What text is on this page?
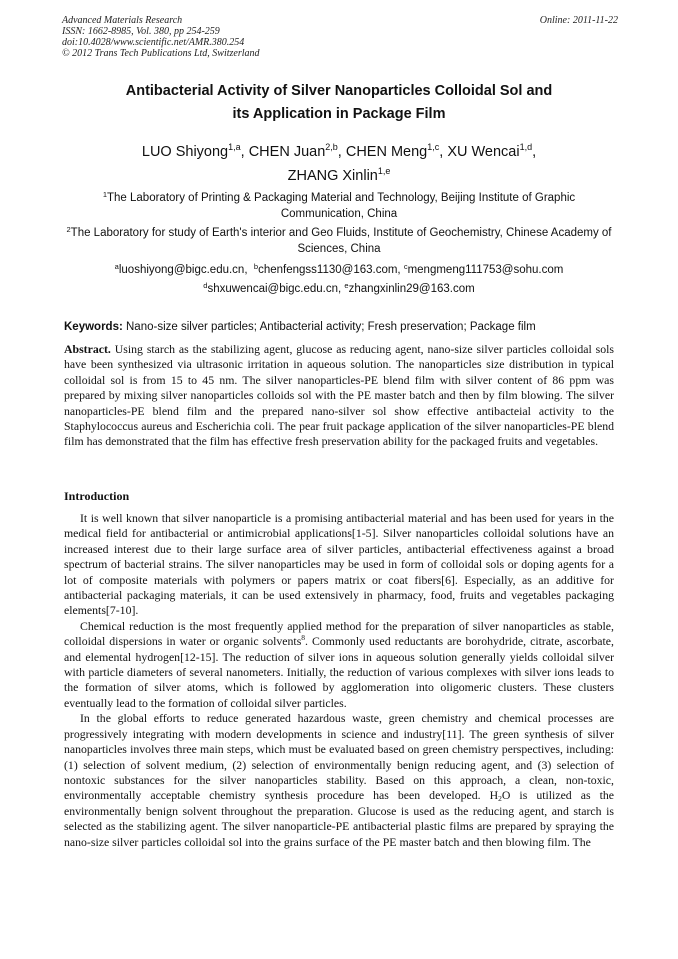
Advanced Materials Research
ISSN: 1662-8985, Vol. 380, pp 254-259
doi:10.4028/www.scientific.net/AMR.380.254
© 2012 Trans Tech Publications Ltd, Switzerland
Online: 2011-11-22
Antibacterial Activity of Silver Nanoparticles Colloidal Sol and
its Application in Package Film
LUO Shiyong$^{1,a}$, CHEN Juan$^{2,b}$, CHEN Meng$^{1,c}$, XU Wencai$^{1,d}$,
ZHANG Xinlin$^{1,e}$
$^1$The Laboratory of Printing & Packaging Material and Technology, Beijing Institute of Graphic Communication, China
$^2$The Laboratory for study of Earth's interior and Geo Fluids, Institute of Geochemistry, Chinese Academy of Sciences, China
$^a$luoshiyong@bigc.edu.cn, $^b$chenfengss1130@163.com, $^c$mengmeng111753@sohu.com
$^d$shxuwencai@bigc.edu.cn, $^e$zhangxinlin29@163.com
Keywords: Nano-size silver particles; Antibacterial activity; Fresh preservation; Package film
Abstract. Using starch as the stabilizing agent, glucose as reducing agent, nano-size silver particles colloidal sols have been synthesized via ultrasonic irritation in aqueous solution. The nanoparticles size distribution in typical colloidal sol is from 15 to 45 nm. The silver nanoparticles-PE blend film with silver content of 86 ppm was prepared by mixing silver nanoparticles colloids sol with the PE master batch and then by film blowing. The silver nanoparticles-PE blend film and the prepared nano-silver sol show effective antibacteial activity to the Staphylococcus aureus and Escherichia coli. The pear fruit package application of the silver nanoparticles-PE blend film has demonstrated that the film has effective fresh preservation ability for the packaged fruits and vegetables.
Introduction

It is well known that silver nanoparticle is a promising antibacterial material and has been used for years in the medical field for antibacterial or antimicrobial applications[1-5]. Silver nanoparticles colloidal solutions have an increased interest due to their large surface area of silver particles, antibacterial effectiveness against a broad spectrum of bacterial strains. The silver nanoparticles may be used in form of colloidal sols or doping agents for a lot of composite materials with polymers or papers matrix or coat fibers[6]. Especially, as an additive for antibacterial packaging materials, it can be used extensively in pharmacy, food, fruits and vegetables packaging elements[7-10].

Chemical reduction is the most frequently applied method for the preparation of silver nanoparticles as stable, colloidal dispersions in water or organic solvents$^8$. Commonly used reductants are borohydride, citrate, ascorbate, and elemental hydrogen[12-15]. The reduction of silver ions in aqueous solution generally yields colloidal silver with particle diameters of several nanometers. Initially, the reduction of various complexes with silver ions leads to the formation of silver atoms, which is followed by agglomeration into oligomeric clusters. These clusters eventually lead to the formation of colloidal silver particles.

In the global efforts to reduce generated hazardous waste, green chemistry and chemical processes are progressively integrating with modern developments in science and industry[11]. The green synthesis of silver nanoparticles involves three main steps, which must be evaluated based on green chemistry perspectives, including: (1) selection of solvent medium, (2) selection of environmentally benign reducing agent, and (3) selection of nontoxic substances for the silver nanoparticles stability. Based on this approach, a clean, non-toxic, environmentally acceptable chemistry synthesis procedure has been developed. $H_2O$ is utilized as the environmentally benign solvent throughout the preparation. Glucose is used as the reducing agent, and starch is selected as the stabilizing agent. The silver nanoparticle-PE antibacterial plastic films are prepared by spraying the nano-size silver particles colloidal sol into the grains surface of the PE master batch and then blowing film. The
